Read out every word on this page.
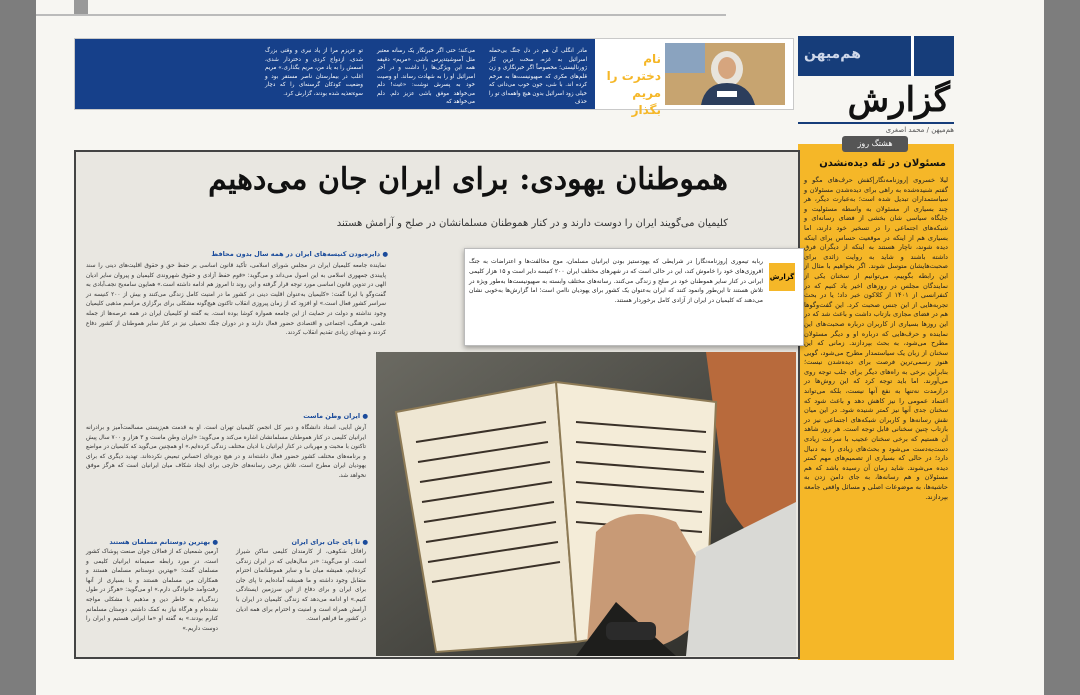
هم‌میهن
گزارش
هم‌میهن / محمد اصغری
هشتگ روز
مسئولان در تله دیده‌نشدن
لیلا خسروی |روزنامه‌نگار|کفش‌ حرف‌های مگو و گفتم شنیده‌شده به راهی برای دیده‌شدن مسئولان و سیاستمداران تبدیل شده است؛ به‌عبارت دیگر، هر چند بسیاری از مسئولان به واسطه مسئولیت و جایگاه سیاسی شان بخشی از فضای رسانه‌ای و شبکه‌های اجتماعی را در تسخیر خود دارند، اما بسیاری هم از اینکه در موقعیت حساس برای اینکه دیده شوند، ناچار هستند به اینکه از دیگران فرق داشته باشند و شاید به روایت زائدی برای صحبت‌هایشان متوسل شوند. اگر بخواهیم با مثال از این رابطه بگوییم، می‌توانیم از سخنان یکی از نمایندگان مجلس در روزهای اخیر یاد کنیم که در کنفرانسی از ۱۴۰۱ از کلاکون خبر داد؛ یا در بحث تجربه‌هایی از این جنس صحبت‌ کرد. این گفت‌وگوها هم در فضای مجازی بازتاب داشت و باعث شد که در این روزها بسیاری از کاربران درباره صحبت‌های این نماینده و حرف‌هایی که درباره او و دیگر مسئولان مطرح می‌شود، به بحث بپردازند. زمانی که این سخنان از زبان یک سیاستمدار مطرح می‌شود، گویی هنوز رسمی‌ترین فرصت برای دیده‌شدن نیست؛ بنابراین برخی به راه‌های دیگر برای جلب توجه روی می‌آورند. اما باید توجه کرد که این روش‌ها در درازمدت نه‌تنها به نفع آنها نیست، بلکه می‌تواند اعتماد عمومی را نیز کاهش دهد و باعث شود که سخنان جدی آنها نیز کمتر شنیده شود. در این میان نقش رسانه‌ها و کاربران شبکه‌های اجتماعی نیز در بازتاب چنین سخنانی قابل توجه است. هر روز شاهد آن هستیم که برخی سخنان عجیب با سرعت زیادی دست‌به‌دست می‌شود و بحث‌های زیادی را به دنبال دارد؛ در حالی که بسیاری از تصمیم‌های مهم کمتر دیده می‌شوند. شاید زمان آن رسیده باشد که هم مسئولان و هم رسانه‌ها، به جای دامن زدن به حاشیه‌ها، به موضوعات اصلی و مسائل واقعی جامعه بپردازند.
مادر انگلی آن هم در دل جنگ بی‌حمله اسرائیل به غزه، سخت ترین کار ژورنالیستی؛ مخصوصاً اگر خبرنگاری و زن قلم‌های مکری که صهیونیست‌ها به مرخم کرده اند. با شی، جون خوب می‌دانی که خیلی زود اسرائیل بدون هیچ واهمه‌ای تو را حذف
می‌کند؛ حتی اگر خبرنگار یک رسانه معتبر مثل آسوشیتدپرس باشی. «مریم» دقیقه همه این ویژگی‌ها را داشت و در آخر اسرائیل او را به شهادت رساند. او وصیت خود به پسرش نوشت: «غیث! دلم می‌خواهد موفق باشی عزیز دلم. دلم می‌خواهد که
تو عزیزم مرا از یاد نبری و وقتی بزرگ شدی، ازدواج کردی و دختردار شدی، اسمش را به یاد من، مریم بگذاری.» مریم اغلب در بیمارستان ناصر مستقر بود و وضعیت کودکان گرسنه‌ای را که دچار سوءتغذیه شده بودند، گزارش کرد.
نام دخترت را مریم بگذار
هموطنان یهودی: برای ایران جان می‌دهیم
کلیمیان می‌گویند ایران را دوست دارند و در کنار هموطنان مسلمانشان در صلح و آرامش هستند
● دایره‌بودن کنیسه‌های ایران در همه سال بدون محافظ
نماینده جامعه کلیمیان ایران در مجلس شورای اسلامی، تأکید قانون اساسی بر حفظ حق و حقوق اقلیت‌های دینی را سند پایبندی جمهوری اسلامی به این اصول می‌داند و می‌گوید: «قوم حفظ آزادی و حقوق شهروندی کلیمیان و پیروان سایر ادیان الهی در تدوین قانون اساسی مورد توجه قرار گرفته و این روند تا امروز هم ادامه داشته است.» همایون سامه‌یح نجف‌آبادی به گفت‌وگو با ایرنا گفت: «کلیمیان به‌عنوان اقلیت دینی در کشور ما در امنیت کامل زندگی می‌کنند و بیش از ۲۰۰ کنیسه در سراسر کشور فعال است.» او افزود که از زمان پیروزی انقلاب تاکنون هیچ‌گونه مشکلی برای برگزاری مراسم مذهبی کلیمیان وجود نداشته و دولت در حمایت از این جامعه همواره کوشا بوده است. به گفته او کلیمیان ایران در همه عرصه‌ها از جمله علمی، فرهنگی، اجتماعی و اقتصادی حضور فعال دارند و در دوران جنگ تحمیلی نیز در کنار سایر هموطنان از کشور دفاع کردند و شهدای زیادی تقدیم انقلاب کردند.
گزارش
ربابه تیموری |روزنامه‌نگار| در شرایطی که یهودستیز بودن ایرانیان مسلمان، موج مخالفت‌ها و اعتراضات به جنگ افروزی‌های خود را خاموش کند، این در حالی است که در شهرهای مختلف ایران ۲۰۰ کنیسه دایر است و ۱۵ هزار کلیمی ایرانی در کنار سایر هموطنان خود در صلح و زندگی می‌کنند. رسانه‌های مختلف وابسته به صهیونیست‌ها به‌طور ویژه در تلاش هستند تا این‌طور وانمود کنند که ایران به‌عنوان یک کشور برای یهودیان ناامن است؛ اما گزارش‌ها به‌خوبی نشان می‌دهند که کلیمیان در ایران از آزادی کامل برخوردار هستند.
● ایران وطن ماست
آرش آبایی، استاد دانشگاه و دبیر کل انجمن کلیمیان تهران است. او به قدمت هم‌زیستی مسالمت‌آمیز و برادرانه ایرانیان کلیمی در کنار هموطنان مسلمانشان اشاره می‌کند و می‌گوید: «ایران وطن ماست و ۳ هزار و ۷۰۰ سال پیش تاکنون با محبت و مهربانی در کنار ایرانیان با ادیان مختلف زندگی کرده‌ایم.» او همچنین می‌گوید که کلیمیان در مواضع‌ و برنامه‌های مختلف کشور حضور فعال داشته‌اند و در هیچ دوره‌ای احساس تبعیض نکرده‌اند. تهدید دیگری که برای یهودیان ایران مطرح است، تلاش برخی رسانه‌های خارجی برای ایجاد شکاف میان ایرانیان است که هرگز موفق نخواهد شد.
● تا پای جان برای ایران
رافائل شکوهی، از کارمندان کلیمی ساکن شیراز است. او می‌گوید: «در سال‌هایی که در ایران زندگی کرده‌ایم، همیشه میان ما و سایر هموطنانمان احترام متقابل وجود داشته و ما همیشه آماده‌ایم تا پای جان برای ایران و برای دفاع از این سرزمین ایستادگی کنیم.» او ادامه می‌دهد که زندگی کلیمیان در ایران با آرامش همراه است و امنیت و احترام برای همه ادیان در کشور ما فراهم است.
● بهترین دوستانم مسلمان هستند
آرمین شمعیان که از فعالان جوان صنعت پوشاک کشور است، در مورد رابطه صمیمانه ایرانیان کلیمی و مسلمان گفت: «بهترین دوستانم مسلمان هستند و همکاران من مسلمان هستند و با بسیاری از آنها رفت‌وآمد خانوادگی دارم.» او می‌گوید: «هرگز در طول زندگی‌ام به خاطر دین و مذهبم با مشکلی مواجه نشده‌ام و هرگاه نیاز به کمک داشتم، دوستان مسلمانم کنارم بودند.» به گفته او «ما ایرانی هستیم و ایران را دوست داریم.»
